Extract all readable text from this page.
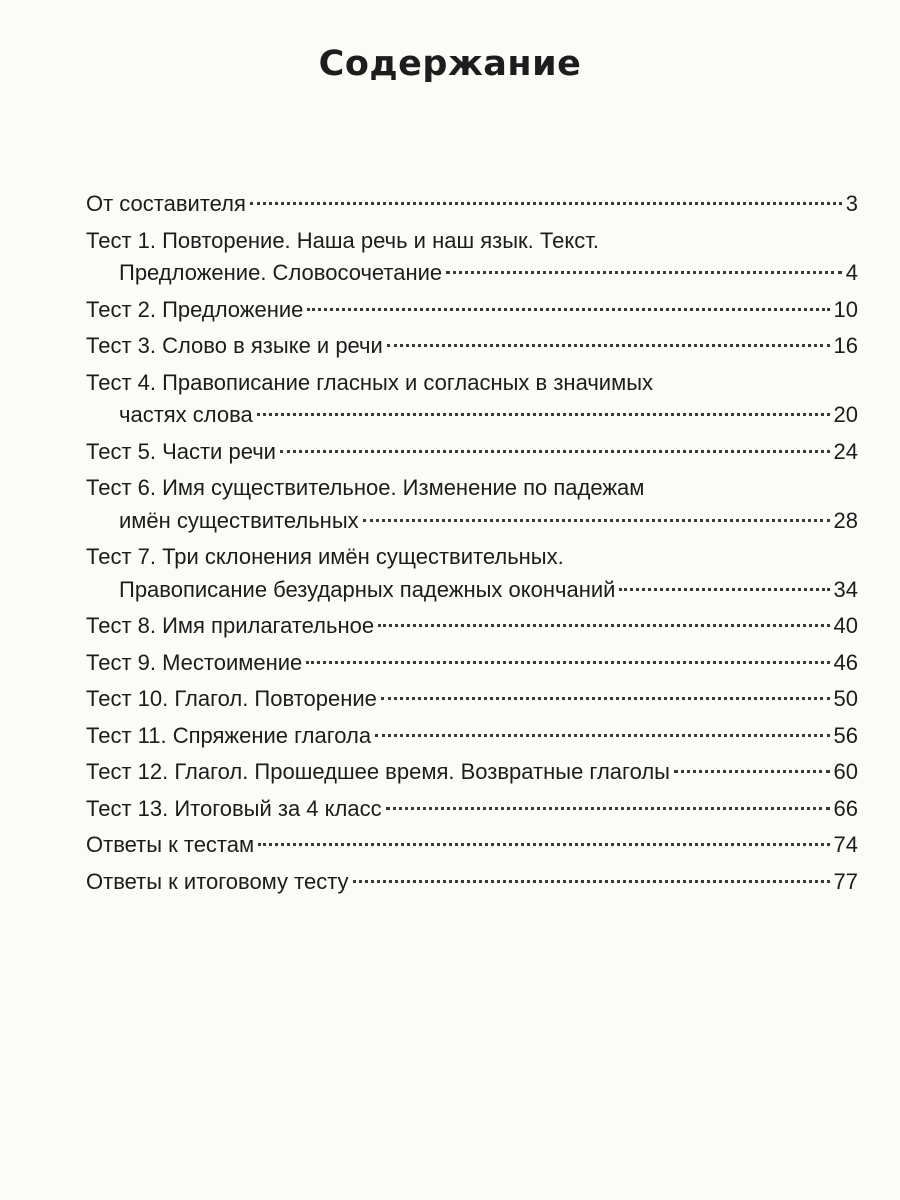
Содержание
От составителя	3
Тест 1. Повторение. Наша речь и наш язык. Текст.
Предложение. Словосочетание	4
Тест 2. Предложение	10
Тест 3. Слово в языке и речи	16
Тест 4. Правописание гласных и согласных в значимых
частях слова	20
Тест 5. Части речи	24
Тест 6. Имя существительное. Изменение по падежам
имён существительных	28
Тест 7. Три склонения имён существительных.
Правописание безударных падежных окончаний	34
Тест 8. Имя прилагательное	40
Тест 9. Местоимение	46
Тест 10. Глагол. Повторение	50
Тест 11. Спряжение глагола	56
Тест 12. Глагол. Прошедшее время. Возвратные глаголы	60
Тест 13. Итоговый за 4 класс	66
Ответы к тестам	74
Ответы к итоговому тесту	77
